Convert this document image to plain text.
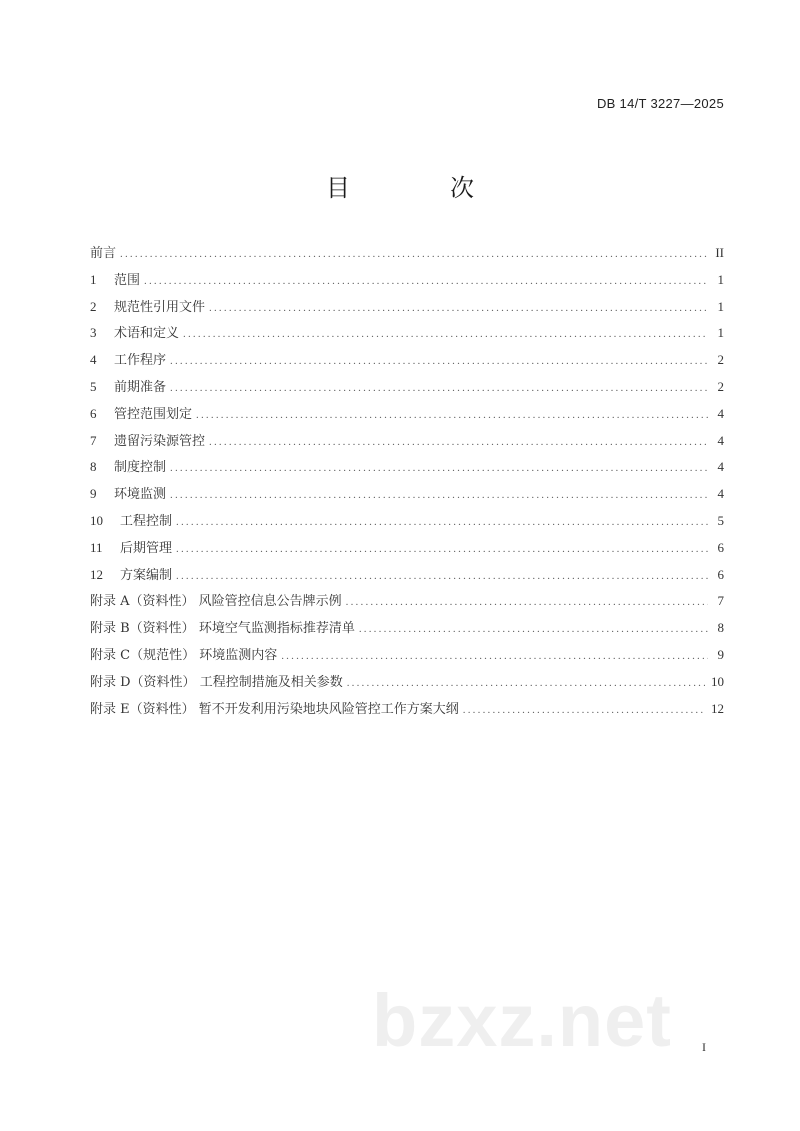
DB 14/T 3227—2025
目　次
前言 .....	II
1	范围 .....	1
2	规范性引用文件 .....	1
3	术语和定义 .....	1
4	工作程序 .....	2
5	前期准备 .....	2
6	管控范围划定 .....	4
7	遗留污染源管控 .....	4
8	制度控制 .....	4
9	环境监测 .....	4
10	工程控制 .....	5
11	后期管理 .....	6
12	方案编制 .....	6
附录 A（资料性） 风险管控信息公告牌示例 .....	7
附录 B（资料性） 环境空气监测指标推荐清单 .....	8
附录 C（规范性） 环境监测内容 .....	9
附录 D（资料性） 工程控制措施及相关参数 .....	10
附录 E（资料性） 暂不开发利用污染地块风险管控工作方案大纲 .....	12
bzxz.net	I
